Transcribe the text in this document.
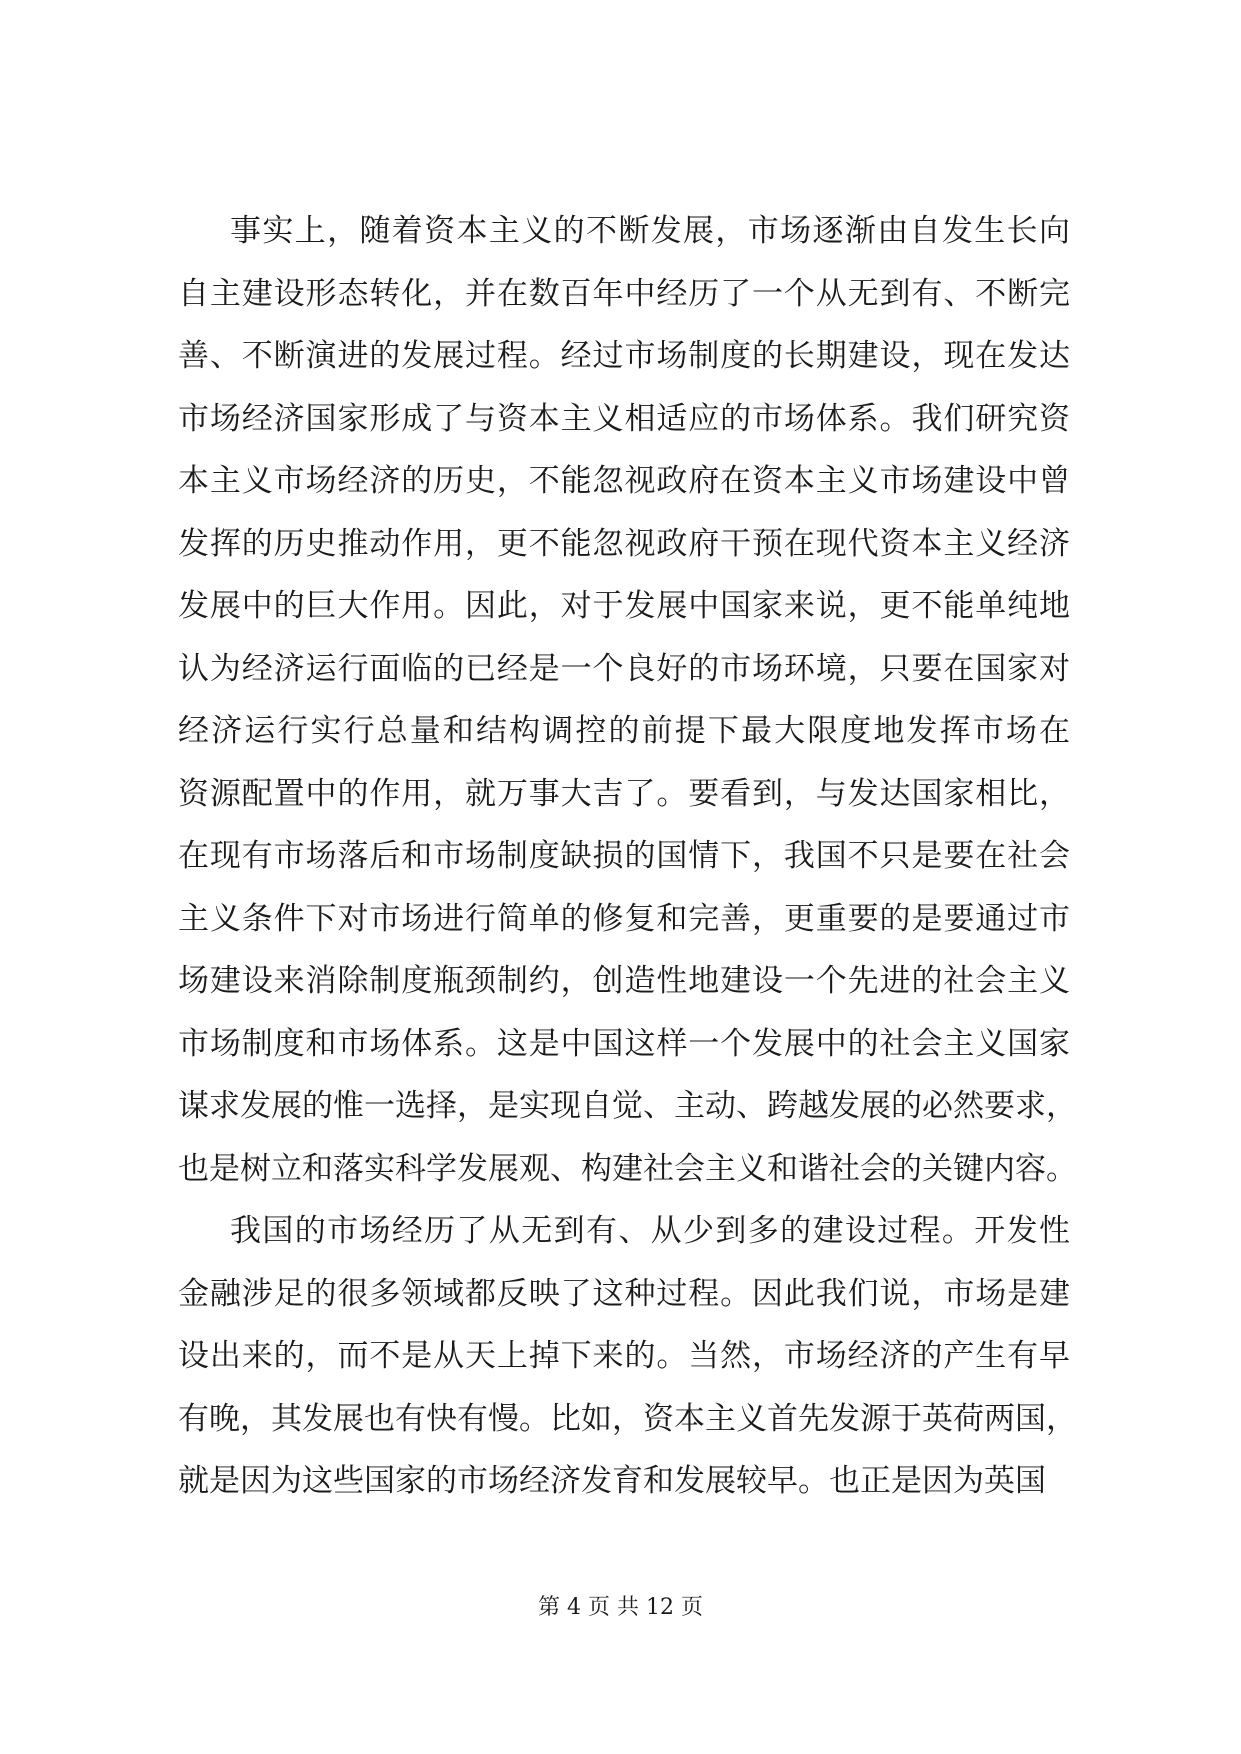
事实上，随着资本主义的不断发展，市场逐渐由自发生长向
自主建设形态转化，并在数百年中经历了一个从无到有、不断完
善、不断演进的发展过程。经过市场制度的长期建设，现在发达
市场经济国家形成了与资本主义相适应的市场体系。我们研究资
本主义市场经济的历史，不能忽视政府在资本主义市场建设中曾
发挥的历史推动作用，更不能忽视政府干预在现代资本主义经济
发展中的巨大作用。因此，对于发展中国家来说，更不能单纯地
认为经济运行面临的已经是一个良好的市场环境，只要在国家对
经济运行实行总量和结构调控的前提下最大限度地发挥市场在
资源配置中的作用，就万事大吉了。要看到，与发达国家相比，
在现有市场落后和市场制度缺损的国情下，我国不只是要在社会
主义条件下对市场进行简单的修复和完善，更重要的是要通过市
场建设来消除制度瓶颈制约，创造性地建设一个先进的社会主义
市场制度和市场体系。这是中国这样一个发展中的社会主义国家
谋求发展的惟一选择，是实现自觉、主动、跨越发展的必然要求，
也是树立和落实科学发展观、构建社会主义和谐社会的关键内容。
我国的市场经历了从无到有、从少到多的建设过程。开发性
金融涉足的很多领域都反映了这种过程。因此我们说，市场是建
设出来的，而不是从天上掉下来的。当然，市场经济的产生有早
有晚，其发展也有快有慢。比如，资本主义首先发源于英荷两国，
就是因为这些国家的市场经济发育和发展较早。也正是因为英国
第 4 页 共 12 页
